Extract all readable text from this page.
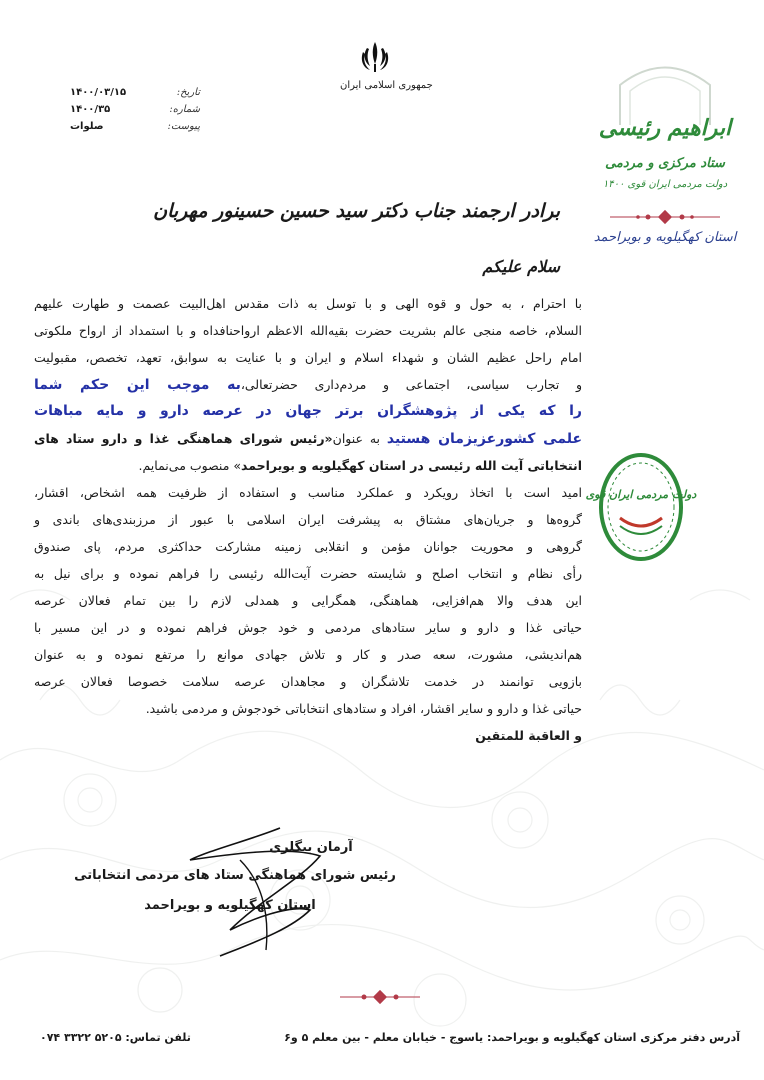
جمهوری اسلامی ایران
تاریخ:
۱۴۰۰/۰۳/۱۵
شماره:
۱۴۰۰/۳۵
پیوست:
صلوات	ابراهیم رئیسی
ستاد مرکزی و مردمی
دولت مردمی ایران قوی ۱۴۰۰
استان کهگیلویه و بویراحمد
دولت مردمی ایران قوی
برادر ارجمند جناب دکتر سید حسین حسینور مهربان
سلام علیکم
با احترام ، به حول و قوه الهی و با توسل به ذات مقدس اهل‌البیت عصمت و طهارت علیهم
السلام، خاصه منجی عالم بشریت حضرت بقیه‌الله الاعظم ارواحنافداه و با استمداد از ارواح ملکوتی
امام راحل عظیم الشان و شهداء اسلام و ایران و با عنایت به سوابق، تعهد، تخصص، مقبولیت
و تجارب سیاسی، اجتماعی و مردم‌داری حضرتعالی،به موجب این حکم شما
را که یکی از پژوهشگران برتر جهان در عرصه دارو و مایه مباهات
علمی کشورعزیزمان هستید به عنوان«رئیس شورای هماهنگی غذا و دارو ستاد های
انتخاباتی آیت الله رئیسی در استان کهگیلویه و بویراحمد» منصوب می‌نمایم.
امید است با اتخاذ رویکرد و عملکرد مناسب و استفاده از ظرفیت همه اشخاص، اقشار،
گروه‌ها و جریان‌های مشتاق به پیشرفت ایران اسلامی با عبور از مرزبندی‌های باندی و
گروهی و محوریت جوانان مؤمن و انقلابی زمینه مشارکت حداکثری مردم، پای صندوق
رأی نظام و انتخاب اصلح و شایسته حضرت آیت‌الله رئیسی را فراهم نموده و برای نیل به
این هدف والا هم‌افزایی، هماهنگی، همگرایی و همدلی لازم را بین تمام فعالان عرصه
حیاتی غذا و دارو و سایر ستادهای مردمی و خود جوش فراهم نموده و در این مسیر با
هم‌اندیشی، مشورت، سعه صدر و کار و تلاش جهادی موانع را مرتفع نموده و به عنوان
بازویی توانمند در خدمت تلاشگران و مجاهدان عرصه سلامت خصوصا فعالان عرصه
حیاتی غذا و دارو و سایر اقشار، افراد و ستادهای انتخاباتی خودجوش و مردمی باشید.
و العاقبة للمتقین
آرمان بیگلری
رئیس شورای هماهنگی ستاد های مردمی انتخاباتی
استان کهگیلویه و بویراحمد
آدرس دفتر مرکزی استان کهگیلویه و بویراحمد: یاسوج - خیابان معلم - بین معلم ۵ و۶
تلفن تماس: ۵۲۰۵ ۳۳۲۲ ۰۷۴
